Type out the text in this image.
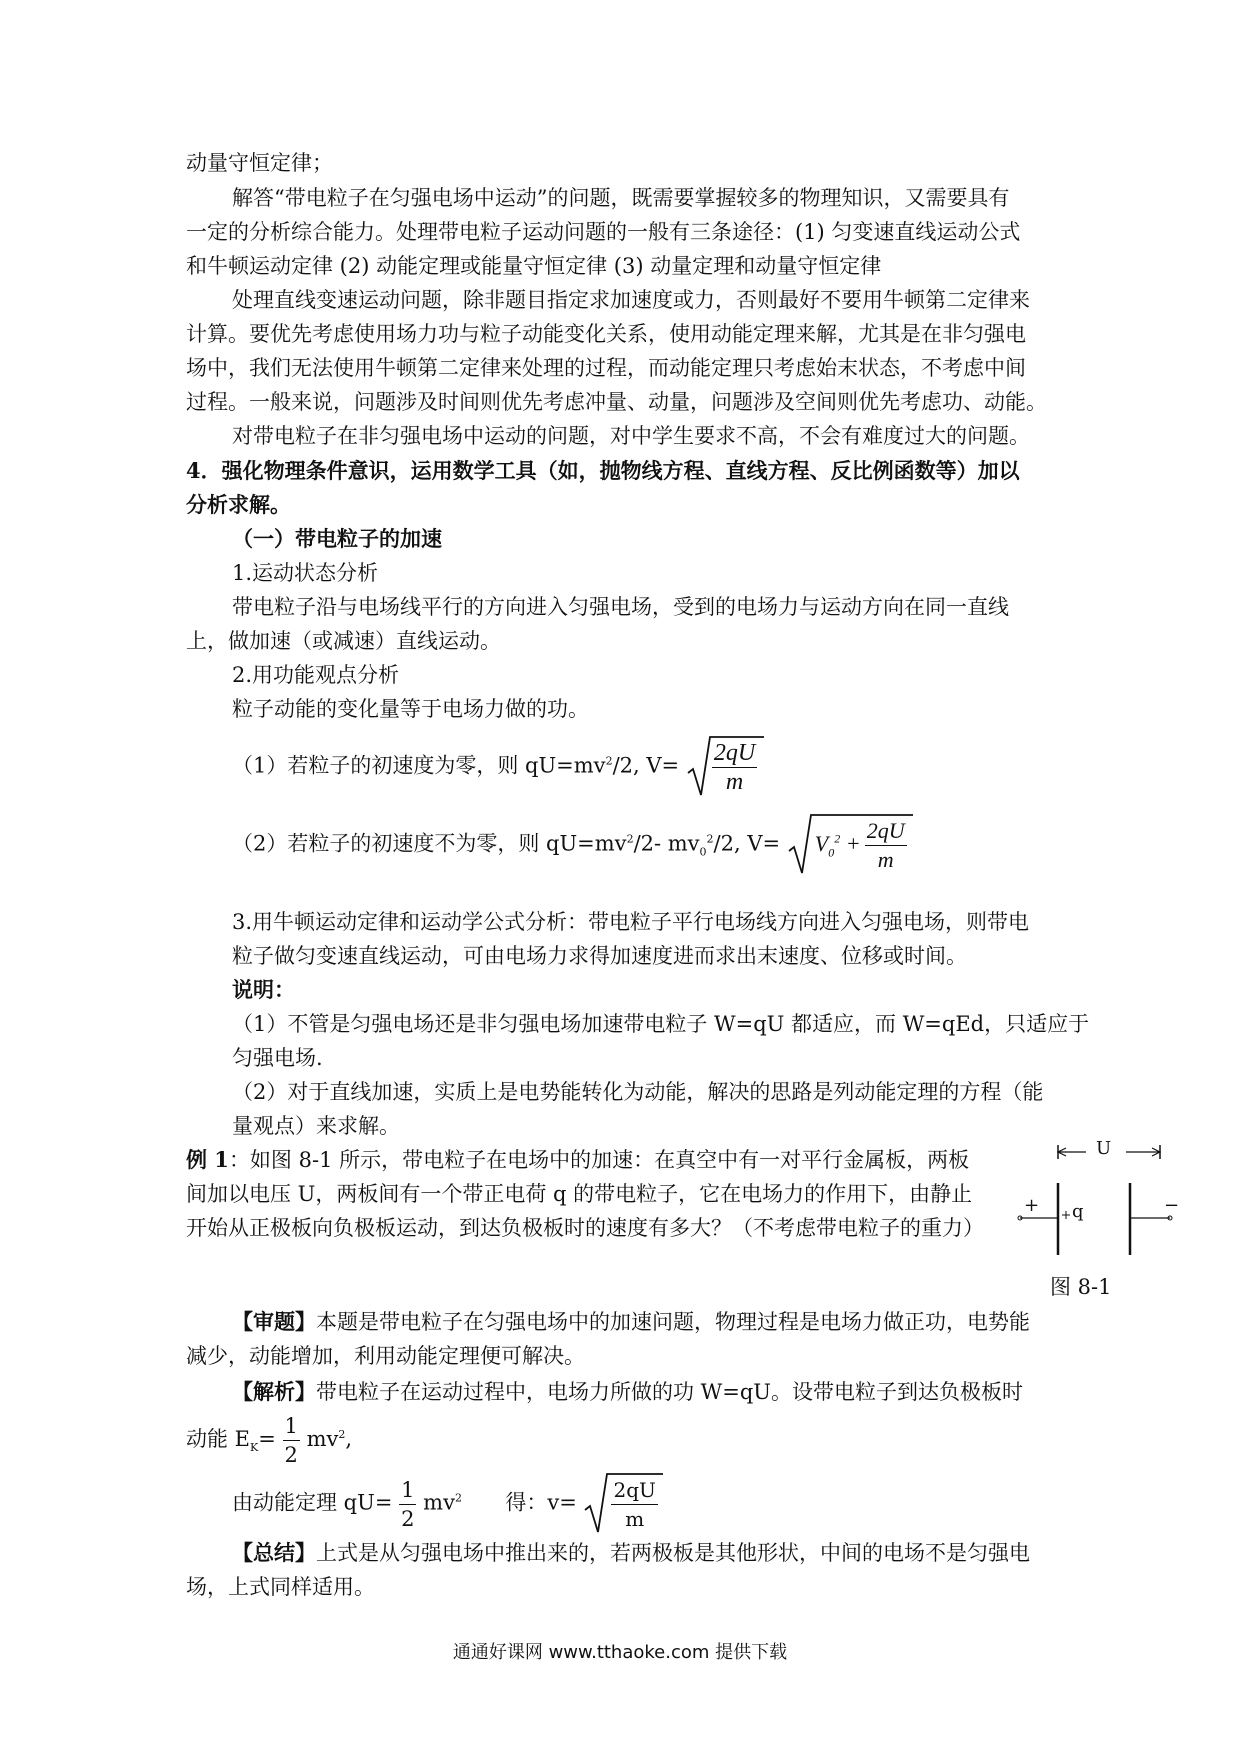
动量守恒定律；
解答“带电粒子在匀强电场中运动”的问题，既需要掌握较多的物理知识，又需要具有
一定的分析综合能力。处理带电粒子运动问题的一般有三条途径：(1) 匀变速直线运动公式
和牛顿运动定律 (2) 动能定理或能量守恒定律 (3) 动量定理和动量守恒定律
处理直线变速运动问题，除非题目指定求加速度或力，否则最好不要用牛顿第二定律来
计算。要优先考虑使用场力功与粒子动能变化关系，使用动能定理来解，尤其是在非匀强电
场中，我们无法使用牛顿第二定律来处理的过程，而动能定理只考虑始末状态，不考虑中间
过程。一般来说，问题涉及时间则优先考虑冲量、动量，问题涉及空间则优先考虑功、动能。
对带电粒子在非匀强电场中运动的问题，对中学生要求不高，不会有难度过大的问题。
4．强化物理条件意识，运用数学工具（如，抛物线方程、直线方程、反比例函数等）加以
分析求解。
（一）带电粒子的加速
1.运动状态分析
带电粒子沿与电场线平行的方向进入匀强电场，受到的电场力与运动方向在同一直线
上，做加速（或减速）直线运动。
2.用功能观点分析
粒子动能的变化量等于电场力做的功。
（1）若粒子的初速度为零，则 $qU=mv^2/2$, $V= \frac{2qU}{m}$
（2）若粒子的初速度不为零，则 $qU=mv^2/2-$ $mv_0^2/2$, $V= V_0^2 + \frac{2qU}{m}$
3.用牛顿运动定律和运动学公式分析：带电粒子平行电场线方向进入匀强电场，则带电
粒子做匀变速直线运动，可由电场力求得加速度进而求出末速度、位移或时间。
说明：
（1）不管是匀强电场还是非匀强电场加速带电粒子 W=qU 都适应，而 W=qEd，只适应于
匀强电场.
（2）对于直线加速，实质上是电势能转化为动能，解决的思路是列动能定理的方程（能
量观点）来求解。
例 1：如图 8-1 所示，带电粒子在电场中的加速：在真空中有一对平行金属板，两板
间加以电压 U，两板间有一个带正电荷 q 的带电粒子，它在电场力的作用下，由静止
开始从正极板向负极板运动，到达负极板时的速度有多大？（不考虑带电粒子的重力）
U
q
+	−
图 8-1
【审题】本题是带电粒子在匀强电场中的加速问题，物理过程是电场力做正功，电势能
减少，动能增加，利用动能定理便可解决。
【解析】带电粒子在运动过程中，电场力所做的功 W=qU。设带电粒子到达负极板时
动能 $E_K= \frac{1}{2} mv^2$,
由动能定理 $qU= \frac{1}{2} mv^2$ 得：$v= \frac{2qU}{m}$
【总结】上式是从匀强电场中推出来的，若两极板是其他形状，中间的电场不是匀强电
场，上式同样适用。
通通好课网 www.tthaoke.com 提供下载
